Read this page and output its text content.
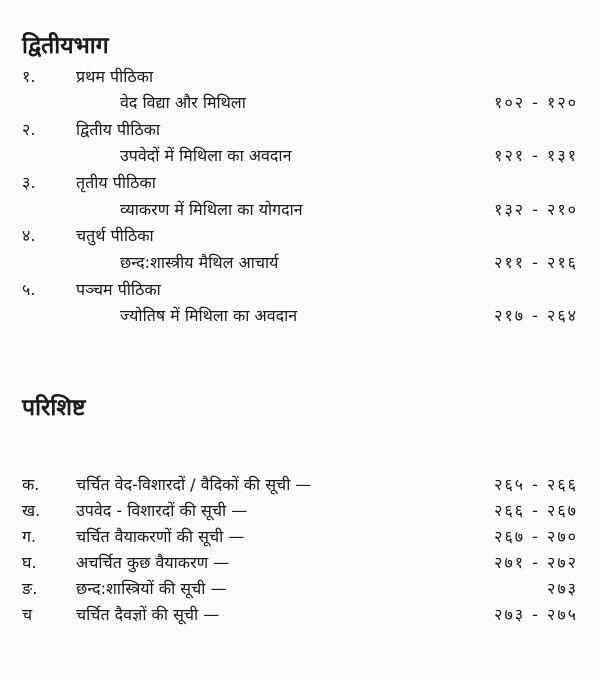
द्वितीयभाग
१.	प्रथम पीठिका
वेद विद्या और मिथिला	१०२ - १२०
२.	द्वितीय पीठिका
उपवेदों में मिथिला का अवदान	१२१ - १३१
३.	तृतीय पीठिका
व्याकरण में मिथिला का योगदान	१३२ - २१०
४.	चतुर्थ पीठिका
छन्द:शास्त्रीय मैथिल आचार्य	२११ - २१६
५.	पञ्चम पीठिका
ज्योतिष में मिथिला का अवदान	२१७ - २६४
परिशिष्ट
क. चर्चित वेद-विशारदों / वैदिकों की सूची —	२६५ - २६६
ख. उपवेद - विशारदों की सूची —	२६६ - २६७
ग. चर्चित वैयाकरणों की सूची —	२६७ - २७०
घ. अचर्चित कुछ वैयाकरण —	२७१ - २७२
ङ. छन्द:शास्त्रियों की सूची —	२७३
च	चर्चित दैवज्ञों की सूची —	२७३ - २७५
